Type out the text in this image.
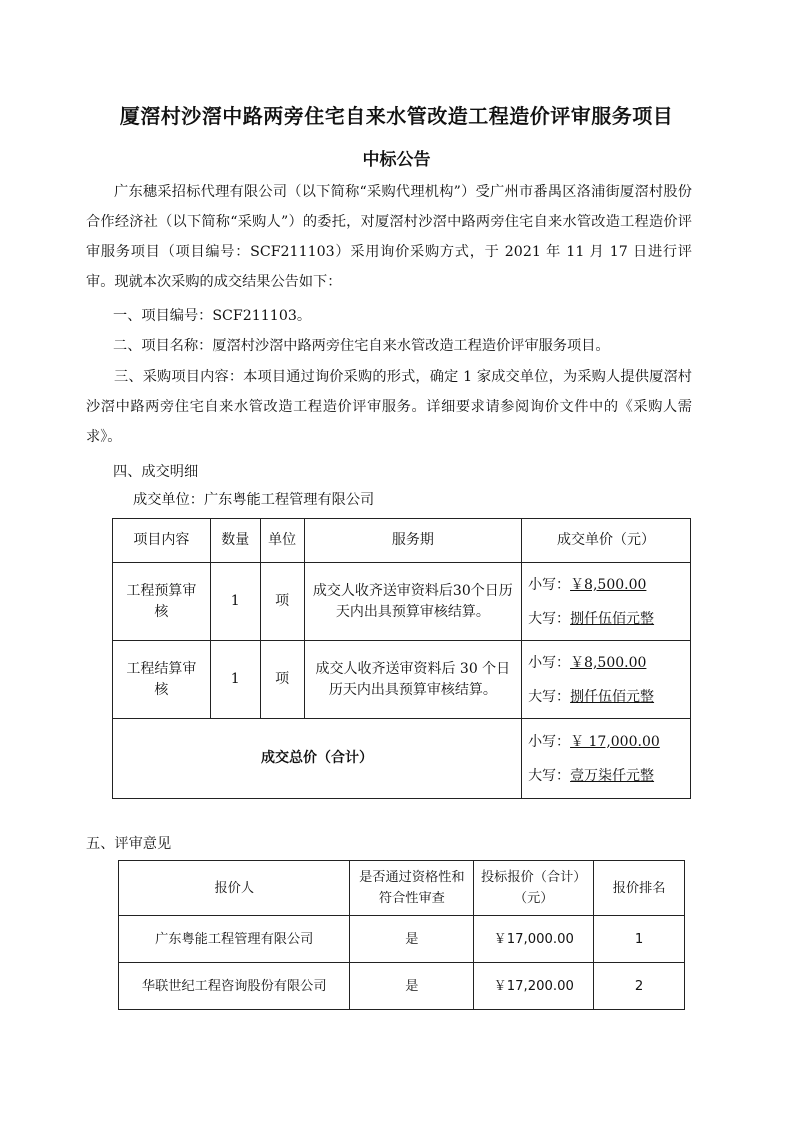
厦滘村沙滘中路两旁住宅自来水管改造工程造价评审服务项目
中标公告

广东穗采招标代理有限公司（以下简称“采购代理机构”）受广州市番禺区洛浦街厦滘村股份合作经济社（以下简称“采购人”）的委托，对厦滘村沙滘中路两旁住宅自来水管改造工程造价评审服务项目（项目编号：SCF211103）采用询价采购方式，于 2021 年 11 月 17 日进行评审。现就本次采购的成交结果公告如下：

一、项目编号：SCF211103。

二、项目名称：厦滘村沙滘中路两旁住宅自来水管改造工程造价评审服务项目。

三、采购项目内容：本项目通过询价采购的形式，确定 1 家成交单位，为采购人提供厦滘村沙滘中路两旁住宅自来水管改造工程造价评审服务。详细要求请参阅询价文件中的《采购人需求》。

四、成交明细

成交单位：广东粤能工程管理有限公司

项目内容	数量	单位	服务期	成交单价（元）
工程预算审核	1	项	成交人收齐送审资料后30个日历天内出具预算审核结算。	小写：￥8,500.00
大写：捌仟伍佰元整

工程结算审核	1	项	成交人收齐送审资料后 30 个日历天内出具预算审核结算。	小写：￥8,500.00
大写：捌仟伍佰元整

成交总价（合计）				小写：￥ 17,000.00
大写：壹万柒仟元整

五、评审意见

报价人	是否通过资格性和符合性审查	投标报价（合计）（元）	报价排名
广东粤能工程管理有限公司	是	￥17,000.00	1
华联世纪工程咨询股份有限公司	是	￥17,200.00	2
